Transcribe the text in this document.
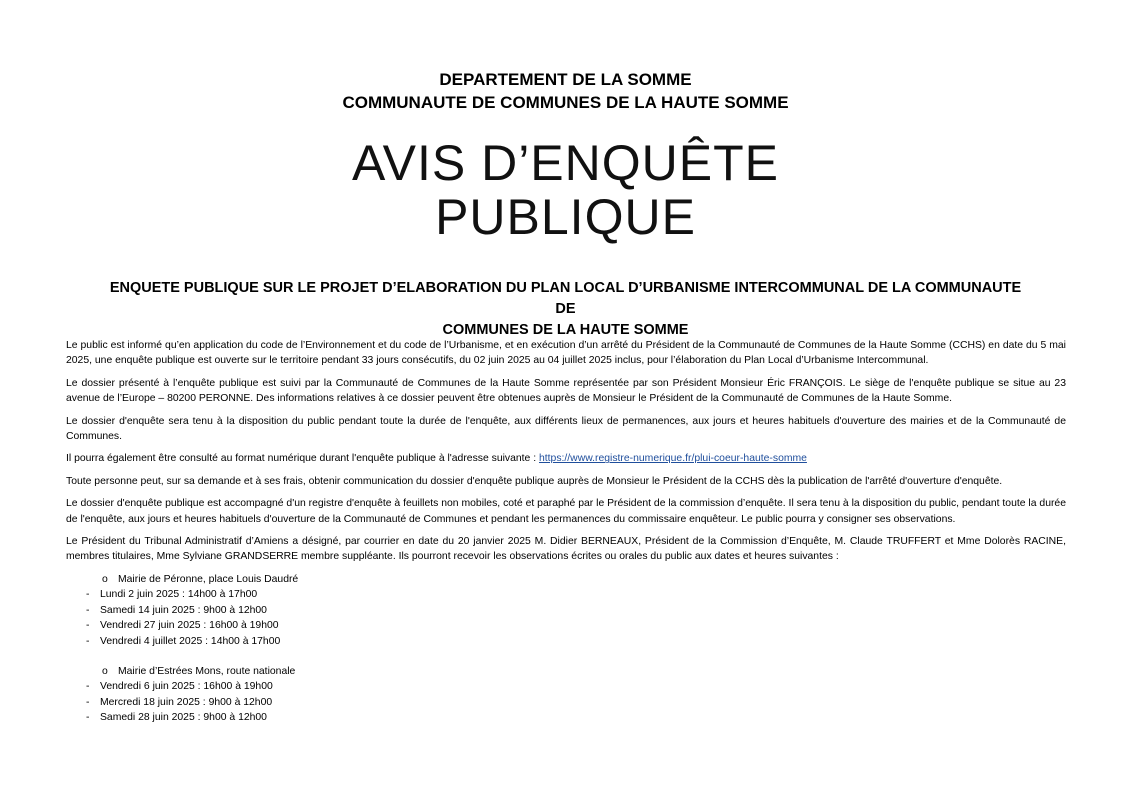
DEPARTEMENT DE LA SOMME
COMMUNAUTE DE COMMUNES DE LA HAUTE SOMME
AVIS D’ENQUÊTE
PUBLIQUE
ENQUETE PUBLIQUE SUR LE PROJET D’ELABORATION DU PLAN LOCAL D’URBANISME INTERCOMMUNAL DE LA COMMUNAUTE DE
COMMUNES DE LA HAUTE SOMME

Le public est informé qu’en application du code de l’Environnement et du code de l’Urbanisme, et en exécution d’un arrêté du Président de la Communauté de Communes de la Haute Somme (CCHS) en date du 5 mai 2025, une enquête publique est ouverte sur le territoire pendant 33 jours consécutifs, du 02 juin 2025 au 04 juillet 2025 inclus, pour l’élaboration du Plan Local d’Urbanisme Intercommunal.

Le dossier présenté à l’enquête publique est suivi par la Communauté de Communes de la Haute Somme représentée par son Président Monsieur Éric FRANÇOIS. Le siège de l'enquête publique se situe au 23 avenue de l’Europe – 80200 PERONNE. Des informations relatives à ce dossier peuvent être obtenues auprès de Monsieur le Président de la Communauté de Communes de la Haute Somme.

Le dossier d'enquête sera tenu à la disposition du public pendant toute la durée de l'enquête, aux différents lieux de permanences, aux jours et heures habituels d'ouverture des mairies et de la Communauté de Communes.

Il pourra également être consulté au format numérique durant l'enquête publique à l'adresse suivante : https://www.registre-numerique.fr/plui-coeur-haute-somme

Toute personne peut, sur sa demande et à ses frais, obtenir communication du dossier d'enquête publique auprès de Monsieur le Président de la CCHS dès la publication de l'arrêté d'ouverture d'enquête.

Le dossier d'enquête publique est accompagné d'un registre d'enquête à feuillets non mobiles, coté et paraphé par le Président de la commission d’enquête. Il sera tenu à la disposition du public, pendant toute la durée de l'enquête, aux jours et heures habituels d'ouverture de la Communauté de Communes et pendant les permanences du commissaire enquêteur. Le public pourra y consigner ses observations.

Le Président du Tribunal Administratif d’Amiens a désigné, par courrier en date du 20 janvier 2025 M. Didier BERNEAUX, Président de la Commission d’Enquête, M. Claude TRUFFERT et Mme Dolorès RACINE, membres titulaires, Mme Sylviane GRANDSERRE membre suppléante. Ils pourront recevoir les observations écrites ou orales du public aux dates et heures suivantes :

o Mairie de Péronne, place Louis Daudré
- Lundi 2 juin 2025 : 14h00 à 17h00
- Samedi 14 juin 2025 : 9h00 à 12h00
- Vendredi 27 juin 2025 : 16h00 à 19h00
- Vendredi 4 juillet 2025 : 14h00 à 17h00
o Mairie d’Estrées Mons, route nationale
- Vendredi 6 juin 2025 : 16h00 à 19h00
- Mercredi 18 juin 2025 : 9h00 à 12h00
- Samedi 28 juin 2025 : 9h00 à 12h00
